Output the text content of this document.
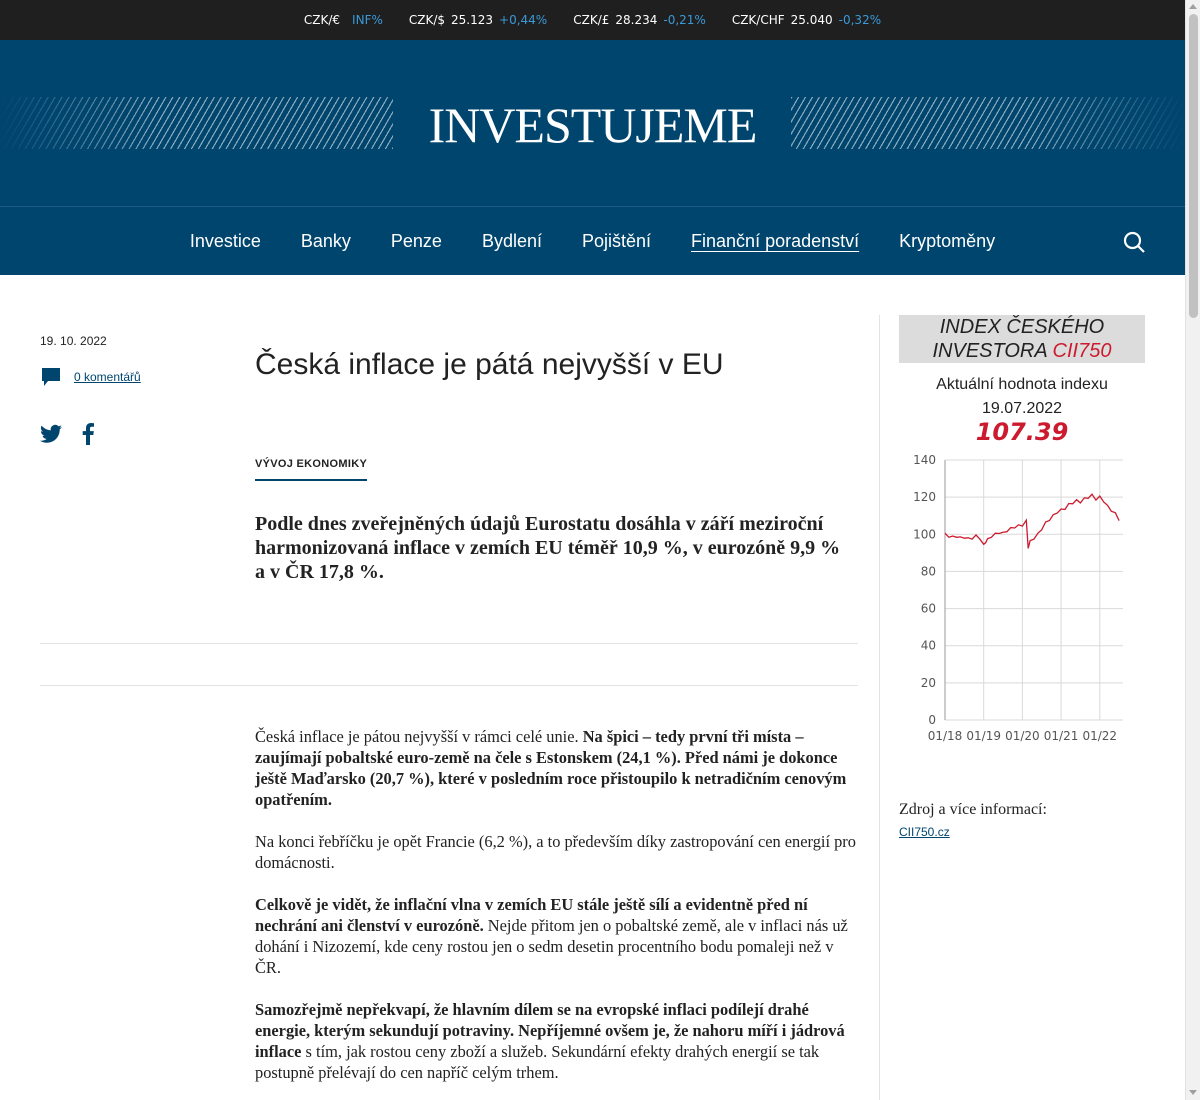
CZK/€ INF% CZK/$ 25.123 +0,44% CZK/£ 28.234 -0,21% CZK/CHF 25.040 -0,32%
INVESTUJEME
Investice Banky Penze Bydlení Pojištění Finanční poradenství Kryptoměny
19. 10. 2022
0 komentářů	Česká inflace je pátá nejvyšší v EU
VÝVOJ EKONOMIKY
Podle dnes zveřejněných údajů Eurostatu dosáhla v září meziroční harmonizovaná inflace v zemích EU téměř 10,9 %, v eurozóně 9,9 % a v ČR 17,8 %.

Česká inflace je pátou nejvyšší v rámci celé unie. Na špici – tedy první tři místa – zaujímají pobaltské euro-země na čele s Estonskem (24,1 %). Před námi je dokonce ještě Maďarsko (20,7 %), které v posledním roce přistoupilo k netradičním cenovým opatřením.

Na konci řebříčku je opět Francie (6,2 %), a to především díky zastropování cen energií pro domácnosti.

Celkově je vidět, že inflační vlna v zemích EU stále ještě sílí a evidentně před ní nechrání ani členství v eurozóně. Nejde přitom jen o pobaltské země, ale v inflaci nás už dohání i Nizozemí, kde ceny rostou jen o sedm desetin procentního bodu pomaleji než v ČR.

Samozřejmě nepřekvapí, že hlavním dílem se na evropské inflaci podílejí drahé energie, kterým sekundují potraviny. Nepříjemné ovšem je, že nahoru míří i jádrová inflace s tím, jak rostou ceny zboží a služeb. Sekundární efekty drahých energií se tak postupně přelévají do cen napříč celým trhem.

INDEX ČESKÉHO
INVESTORA CII750
Aktuální hodnota indexu
19.07.2022
107.39
0
20
40
60
80
100
120
140
01/18 01/19 01/20 01/21 01/22
Zdroj a více informací:
CII750.cz
